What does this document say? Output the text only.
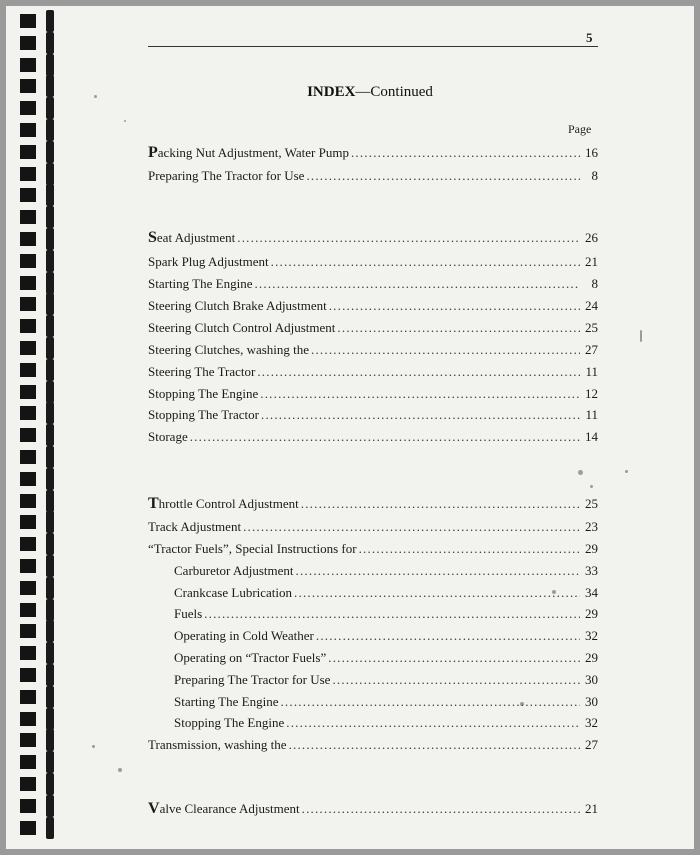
5
INDEX—Continued
Page
Packing Nut Adjustment, Water Pump .....	16
Preparing The Tractor for Use .....	8
Seat Adjustment .....	26
Spark Plug Adjustment .....	21
Starting The Engine .....	8
Steering Clutch Brake Adjustment .....	24
Steering Clutch Control Adjustment .....	25
Steering Clutches, washing the .....	27
Steering The Tractor .....	11
Stopping The Engine .....	12
Stopping The Tractor .....	11
Storage .....	14
Throttle Control Adjustment .....	25
Track Adjustment .....	23
“Tractor Fuels”, Special Instructions for .....	29
Carburetor Adjustment .....	33
Crankcase Lubrication .....	34
Fuels .....	29
Operating in Cold Weather .....	32
Operating on “Tractor Fuels” .....	29
Preparing The Tractor for Use .....	30
Starting The Engine .....	30
Stopping The Engine .....	32
Transmission, washing the .....	27
Valve Clearance Adjustment .....	21
